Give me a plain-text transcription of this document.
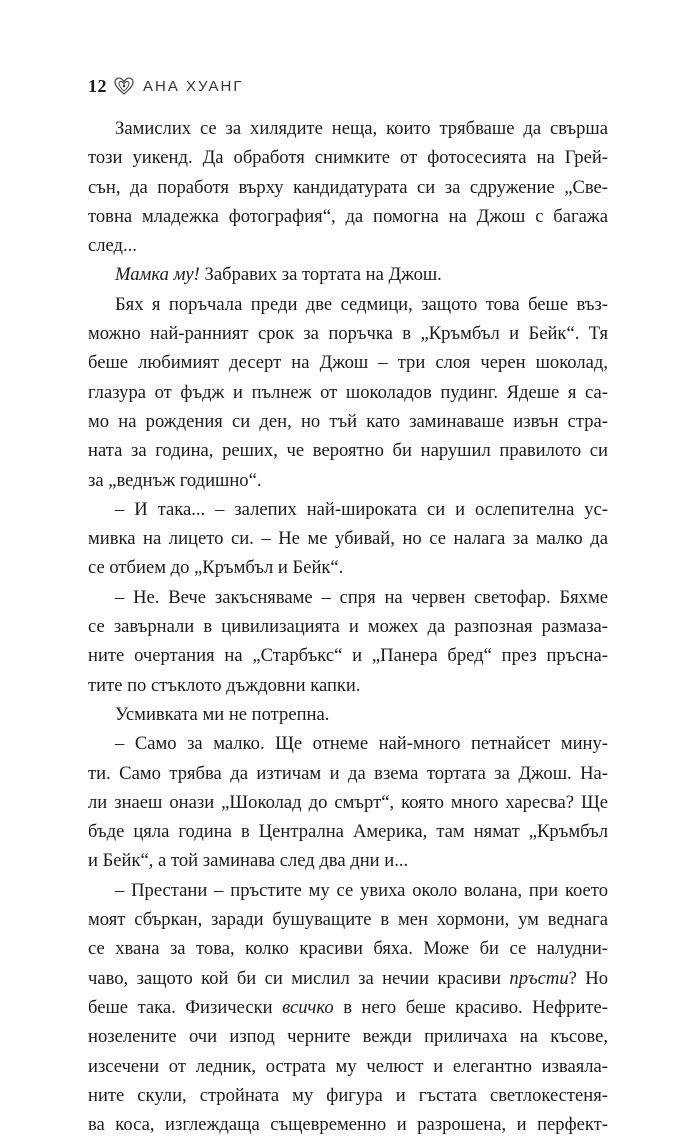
12 АНА ХУАНГ

Замислих се за хилядите неща, които трябваше да свърша
този уикенд. Да обработя снимките от фотосесията на Грей-
сън, да поработя върху кандидатурата си за сдружение „Све-
товна младежка фотография“, да помогна на Джош с багажа
след...

Мамка му! Забравих за тортата на Джош.

Бях я поръчала преди две седмици, защото това беше въз-
можно най-ранният срок за поръчка в „Кръмбъл и Бейк“. Тя
беше любимият десерт на Джош – три слоя черен шоколад,
глазура от фъдж и пълнеж от шоколадов пудинг. Ядеше я са-
мо на рождения си ден, но тъй като заминаваше извън стра-
ната за година, реших, че вероятно би нарушил правилото си
за „веднъж годишно“.

– И така... – залепих най-широката си и ослепителна ус-
мивка на лицето си. – Не ме убивай, но се налага за малко да
се отбием до „Кръмбъл и Бейк“.

– Не. Вече закъсняваме – спря на червен светофар. Бяхме
се завърнали в цивилизацията и можех да разпозная размаза-
ните очертания на „Старбъкс“ и „Панера бред“ през пръсна-
тите по стъклото дъждовни капки.

Усмивката ми не потрепна.

– Само за малко. Ще отнеме най-много петнайсет мину-
ти. Само трябва да изтичам и да взема тортата за Джош. На-
ли знаеш онази „Шоколад до смърт“, която много харесва? Ще
бъде цяла година в Централна Америка, там нямат „Кръмбъл
и Бейк“, а той заминава след два дни и...

– Престани – пръстите му се увиха около волана, при което
моят сбъркан, заради бушуващите в мен хормони, ум веднага
се хвана за това, колко красиви бяха. Може би се налудни-
чаво, защото кой би си мислил за нечии красиви пръсти? Но
беше така. Физически всичко в него беше красиво. Нефрите-
нозелените очи изпод черните вежди приличаха на късове,
изсечени от ледник, острата му челюст и елегантно изваяла-
ните скули, стройната му фигура и гъстата светлокестеня-
ва коса, изглеждаща същевременно и разрошена, и перфект-
